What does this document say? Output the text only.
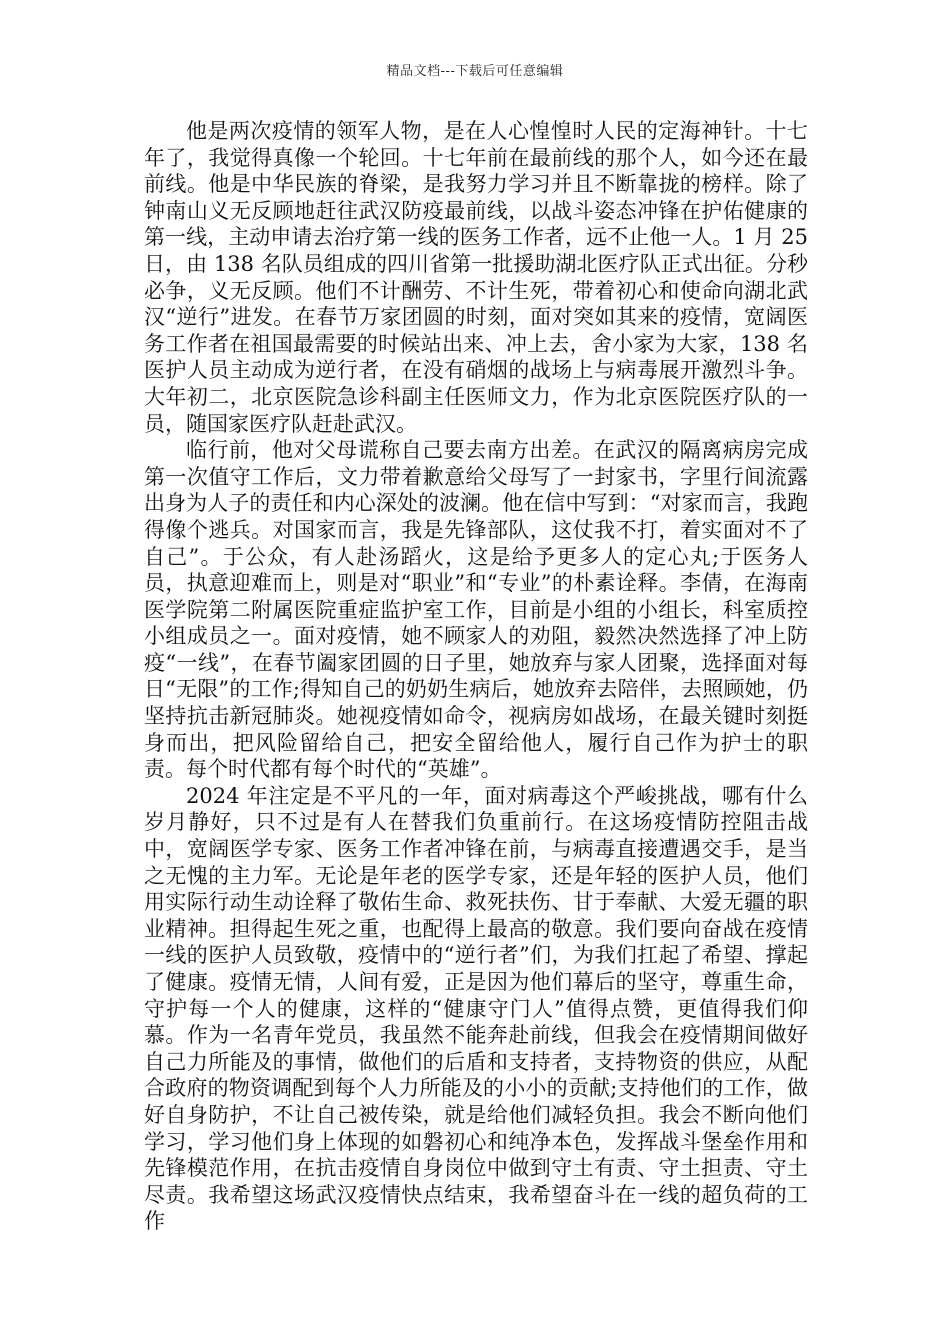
精品文档---下载后可任意编辑

他是两次疫情的领军人物，是在人心惶惶时人民的定海神针。十七年了，我觉得真像一个轮回。十七年前在最前线的那个人，如今还在最前线。他是中华民族的脊梁，是我努力学习并且不断靠拢的榜样。除了钟南山义无反顾地赶往武汉防疫最前线，以战斗姿态冲锋在护佑健康的第一线，主动申请去治疗第一线的医务工作者，远不止他一人。1 月 25 日，由 138 名队员组成的四川省第一批援助湖北医疗队正式出征。分秒必争，义无反顾。他们不计酬劳、不计生死，带着初心和使命向湖北武汉“逆行”进发。在春节万家团圆的时刻，面对突如其来的疫情，宽阔医务工作者在祖国最需要的时候站出来、冲上去，舍小家为大家，138 名医护人员主动成为逆行者，在没有硝烟的战场上与病毒展开激烈斗争。大年初二，北京医院急诊科副主任医师文力，作为北京医院医疗队的一员，随国家医疗队赶赴武汉。

临行前，他对父母谎称自己要去南方出差。在武汉的隔离病房完成第一次值守工作后，文力带着歉意给父母写了一封家书，字里行间流露出身为人子的责任和内心深处的波澜。他在信中写到：“对家而言，我跑得像个逃兵。对国家而言，我是先锋部队，这仗我不打，着实面对不了自己”。于公众，有人赴汤蹈火，这是给予更多人的定心丸;于医务人员，执意迎难而上，则是对“职业”和“专业”的朴素诠释。李倩，在海南医学院第二附属医院重症监护室工作，目前是小组的小组长，科室质控小组成员之一。面对疫情，她不顾家人的劝阻，毅然决然选择了冲上防疫“一线”，在春节阖家团圆的日子里，她放弃与家人团聚，选择面对每日“无限”的工作;得知自己的奶奶生病后，她放弃去陪伴，去照顾她，仍坚持抗击新冠肺炎。她视疫情如命令，视病房如战场，在最关键时刻挺身而出，把风险留给自己，把安全留给他人，履行自己作为护士的职责。每个时代都有每个时代的“英雄”。

2024 年注定是不平凡的一年，面对病毒这个严峻挑战，哪有什么岁月静好，只不过是有人在替我们负重前行。在这场疫情防控阻击战中，宽阔医学专家、医务工作者冲锋在前，与病毒直接遭遇交手，是当之无愧的主力军。无论是年老的医学专家，还是年轻的医护人员，他们用实际行动生动诠释了敬佑生命、救死扶伤、甘于奉献、大爱无疆的职业精神。担得起生死之重，也配得上最高的敬意。我们要向奋战在疫情一线的医护人员致敬，疫情中的“逆行者”们，为我们扛起了希望、撑起了健康。疫情无情，人间有爱，正是因为他们幕后的坚守，尊重生命，守护每一个人的健康，这样的“健康守门人”值得点赞，更值得我们仰慕。作为一名青年党员，我虽然不能奔赴前线，但我会在疫情期间做好自己力所能及的事情，做他们的后盾和支持者，支持物资的供应，从配合政府的物资调配到每个人力所能及的小小的贡献;支持他们的工作，做好自身防护，不让自己被传染，就是给他们减轻负担。我会不断向他们学习，学习他们身上体现的如磐初心和纯净本色，发挥战斗堡垒作用和先锋模范作用，在抗击疫情自身岗位中做到守土有责、守土担责、守土尽责。我希望这场武汉疫情快点结束，我希望奋斗在一线的超负荷的工作
